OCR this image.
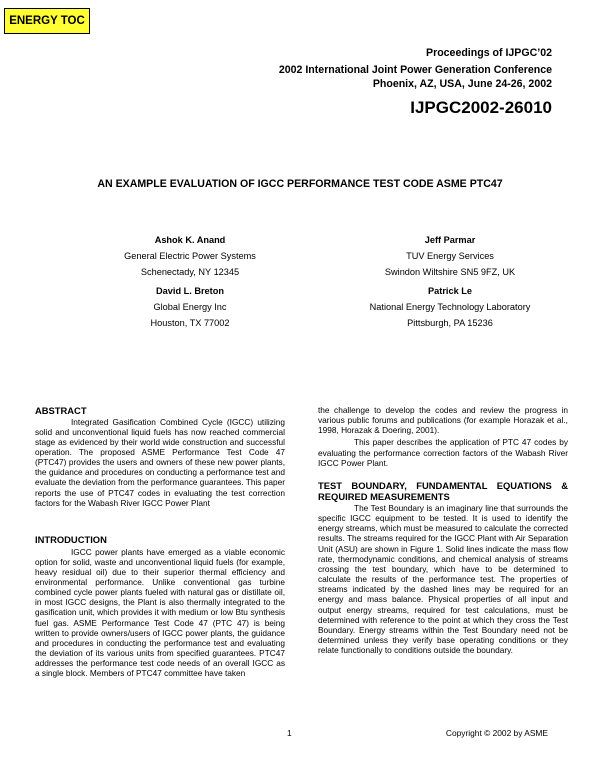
ENERGY TOC
Proceedings of IJPGC’02
2002 International Joint Power Generation Conference
Phoenix, AZ, USA, June 24-26, 2002
IJPGC2002-26010
AN EXAMPLE EVALUATION OF IGCC PERFORMANCE TEST CODE ASME PTC47
Ashok K. Anand
General Electric Power Systems
Schenectady, NY 12345
Jeff Parmar
TUV Energy Services
Swindon Wiltshire SN5 9FZ, UK
David L. Breton
Global Energy Inc
Houston, TX 77002
Patrick Le
National Energy Technology Laboratory
Pittsburgh, PA 15236
ABSTRACT

Integrated Gasification Combined Cycle (IGCC) utilizing solid and unconventional liquid fuels has now reached commercial stage as evidenced by their world wide construction and successful operation. The proposed ASME Performance Test Code 47 (PTC47) provides the users and owners of these new power plants, the guidance and procedures on conducting a performance test and evaluate the deviation from the performance guarantees. This paper reports the use of PTC47 codes in evaluating the test correction factors for the Wabash River IGCC Power Plant

INTRODUCTION

IGCC power plants have emerged as a viable economic option for solid, waste and unconventional liquid fuels (for example, heavy residual oil) due to their superior thermal efficiency and environmental performance. Unlike conventional gas turbine combined cycle power plants fueled with natural gas or distillate oil, in most IGCC designs, the Plant is also thermally integrated to the gasification unit, which provides it with medium or low Btu synthesis fuel gas. ASME Performance Test Code 47 (PTC 47) is being written to provide owners/users of IGCC power plants, the guidance and procedures in conducting the performance test and evaluating the deviation of its various units from specified guarantees. PTC47 addresses the performance test code needs of an overall IGCC as a single block. Members of PTC47 committee have taken

the challenge to develop the codes and review the progress in various public forums and publications (for example Horazak et al., 1998, Horazak & Doering, 2001).

This paper describes the application of PTC 47 codes by evaluating the performance correction factors of the Wabash River IGCC Power Plant.

TEST BOUNDARY, FUNDAMENTAL EQUATIONS & REQUIRED MEASUREMENTS

The Test Boundary is an imaginary line that surrounds the specific IGCC equipment to be tested. It is used to identify the energy streams, which must be measured to calculate the corrected results. The streams required for the IGCC Plant with Air Separation Unit (ASU) are shown in Figure 1. Solid lines indicate the mass flow rate, thermodynamic conditions, and chemical analysis of streams crossing the test boundary, which have to be determined to calculate the results of the performance test. The properties of streams indicated by the dashed lines may be required for an energy and mass balance. Physical properties of all input and output energy streams, required for test calculations, must be determined with reference to the point at which they cross the Test Boundary. Energy streams within the Test Boundary need not be determined unless they verify base operating conditions or they relate functionally to conditions outside the boundary.

1	Copyright © 2002 by ASME
